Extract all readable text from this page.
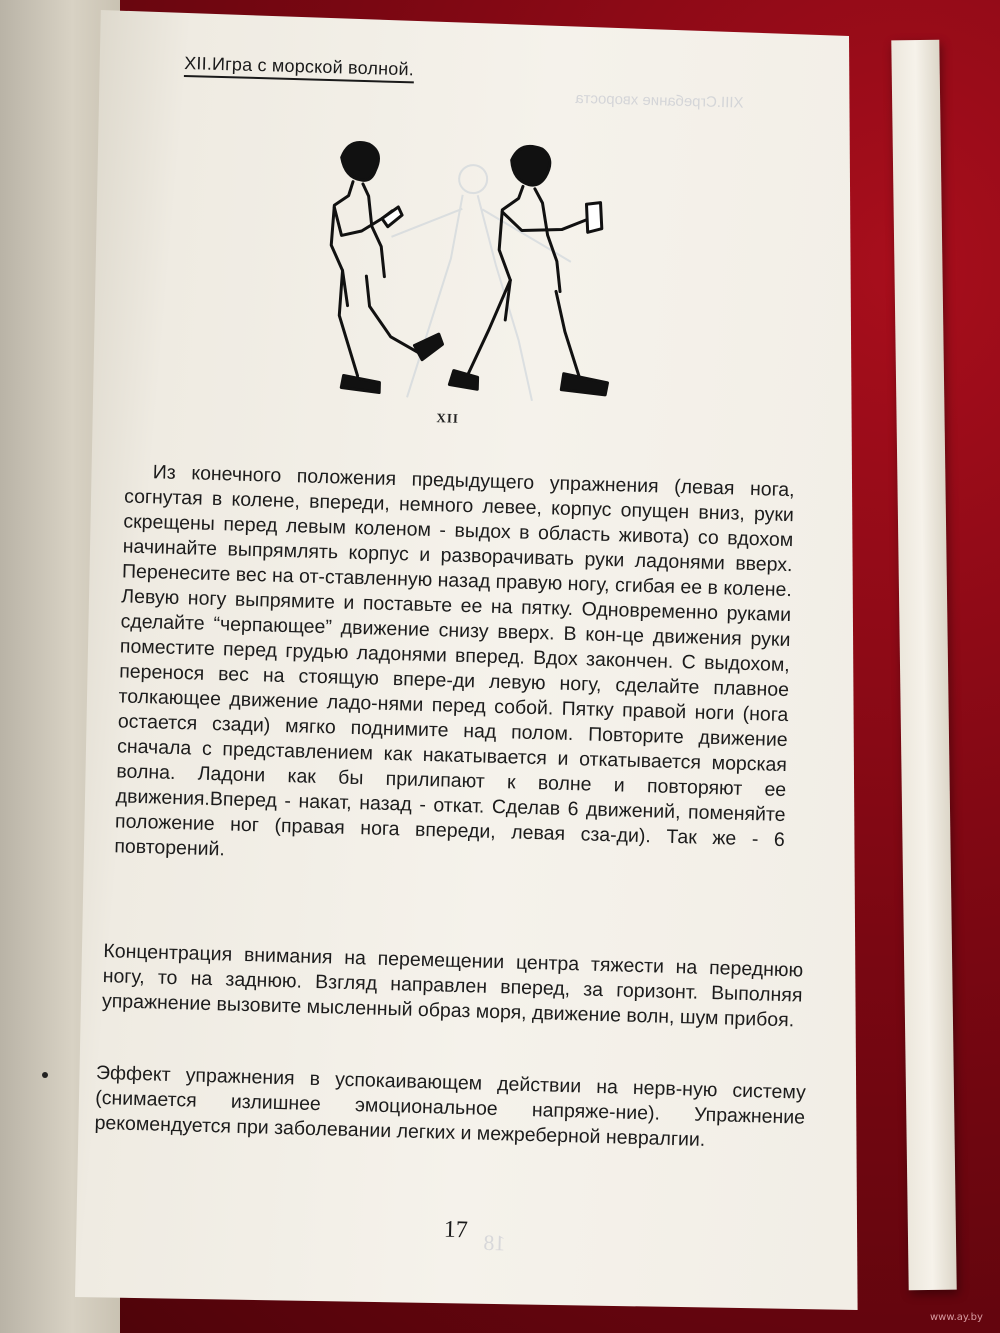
XIII.Сгребание хвороста
XII.Игра с морской волной.
XII

Из конечного положения предыдущего упражнения (левая нога, согнутая в колене, впереди, немного левее, корпус опущен вниз, руки скрещены перед левым коленом - выдох в область живота) со вдохом начинайте выпрямлять корпус и разворачивать руки ладонями вверх. Перенесите вес на от-ставленную назад правую ногу, сгибая ее в колене. Левую ногу выпрямите и поставьте ее на пятку. Одновременно руками сделайте “черпающее” движение снизу вверх. В кон-це движения руки поместите перед грудью ладонями вперед. Вдох закончен. С выдохом, перенося вес на стоящую впере-ди левую ногу, сделайте плавное толкающее движение ладо-нями перед собой. Пятку правой ноги (нога остается сзади) мягко поднимите над полом. Повторите движение сначала с представлением как накатывается и откатывается морская волна. Ладони как бы прилипают к волне и повторяют ее движения.Вперед - накат, назад - откат. Сделав 6 движений, поменяйте положение ног (правая нога впереди, левая сза-ди). Так же - 6 повторений.

Концентрация внимания на перемещении центра тяжести на переднюю ногу, то на заднюю. Взгляд направлен вперед, за горизонт. Выполняя упражнение вызовите мысленный образ моря, движение волн, шум прибоя.

Эффект упражнения в успокаивающем действии на нерв-ную систему (снимается излишнее эмоциональное напряже-ние). Упражнение рекомендуется при заболевании легких и межреберной невралгии.

17 18
www.ay.by
